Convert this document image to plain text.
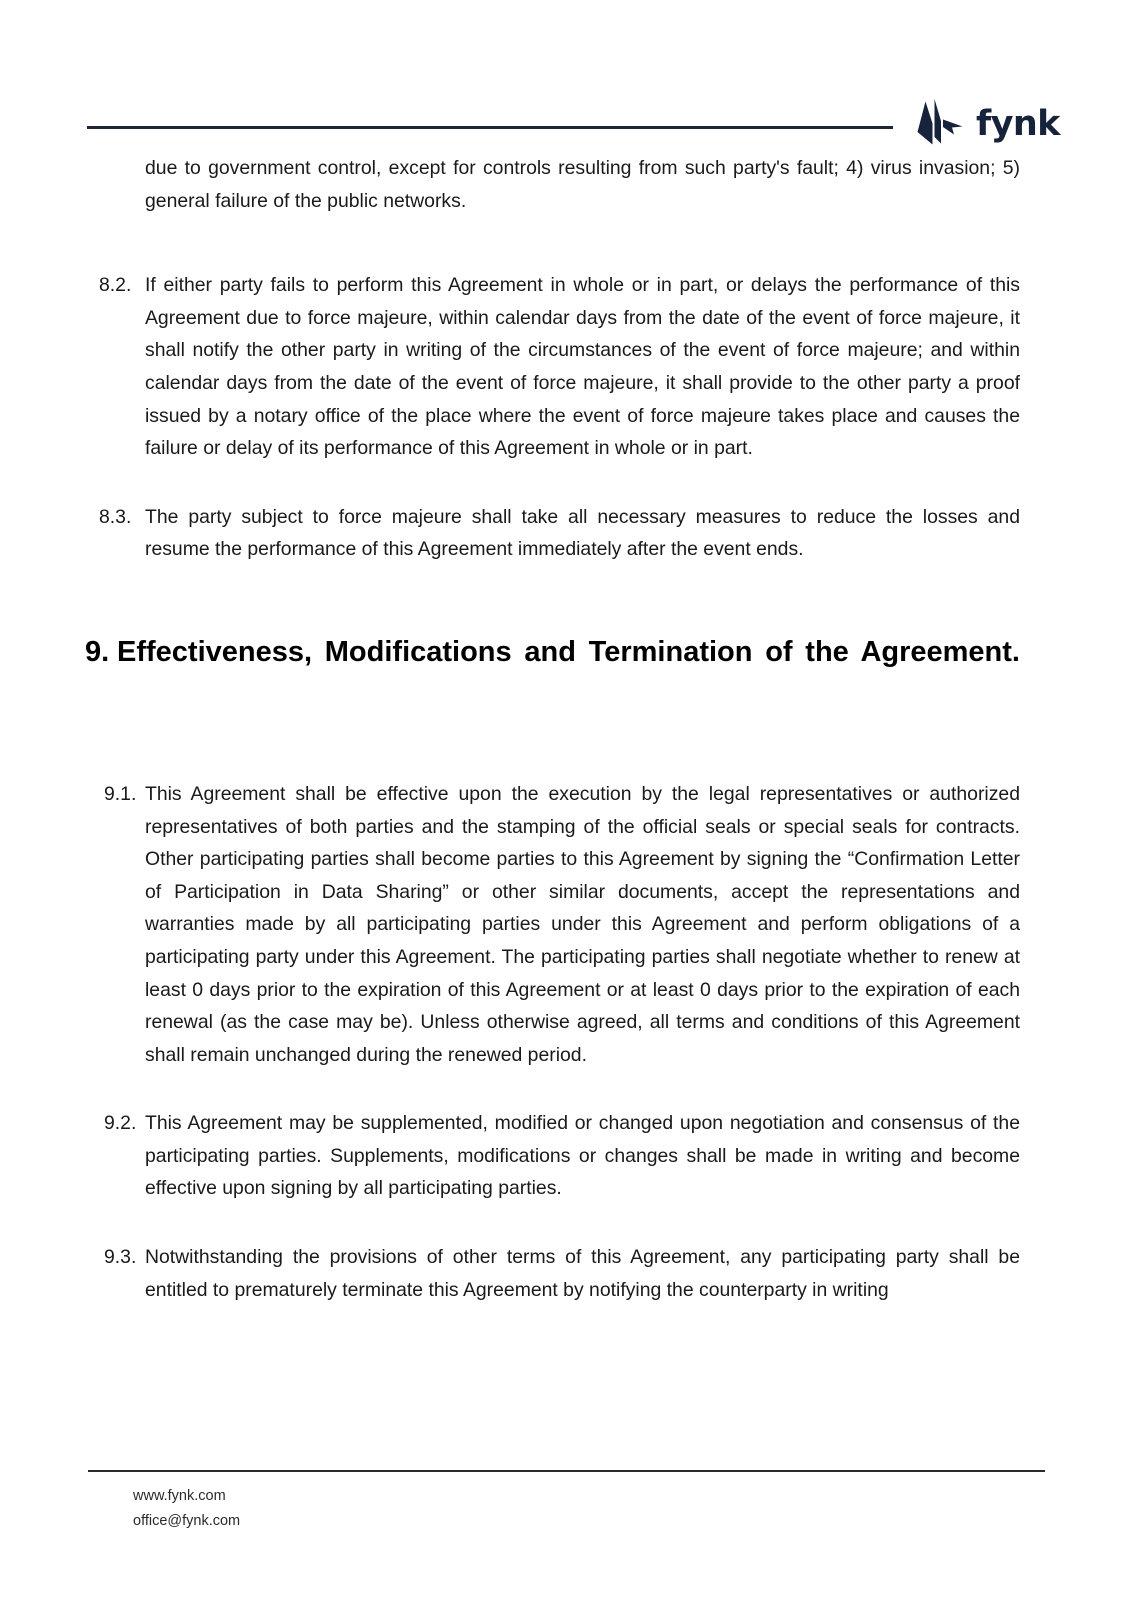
fynk
due to government control, except for controls resulting from such party's fault; 4) virus invasion; 5) general failure of the public networks.
8.2. If either party fails to perform this Agreement in whole or in part, or delays the performance of this Agreement due to force majeure, within calendar days from the date of the event of force majeure, it shall notify the other party in writing of the circumstances of the event of force majeure; and within calendar days from the date of the event of force majeure, it shall provide to the other party a proof issued by a notary office of the place where the event of force majeure takes place and causes the failure or delay of its performance of this Agreement in whole or in part.
8.3. The party subject to force majeure shall take all necessary measures to reduce the losses and resume the performance of this Agreement immediately after the event ends.
9. Effectiveness, Modifications and Termination of the Agreement.
9.1. This Agreement shall be effective upon the execution by the legal representatives or authorized representatives of both parties and the stamping of the official seals or special seals for contracts. Other participating parties shall become parties to this Agreement by signing the “Confirmation Letter of Participation in Data Sharing” or other similar documents, accept the representations and warranties made by all participating parties under this Agreement and perform obligations of a participating party under this Agreement. The participating parties shall negotiate whether to renew at least 0 days prior to the expiration of this Agreement or at least 0 days prior to the expiration of each renewal (as the case may be). Unless otherwise agreed, all terms and conditions of this Agreement shall remain unchanged during the renewed period.
9.2. This Agreement may be supplemented, modified or changed upon negotiation and consensus of the participating parties. Supplements, modifications or changes shall be made in writing and become effective upon signing by all participating parties.
9.3. Notwithstanding the provisions of other terms of this Agreement, any participating party shall be entitled to prematurely terminate this Agreement by notifying the counterparty in writing
www.fynk.com
office@fynk.com
